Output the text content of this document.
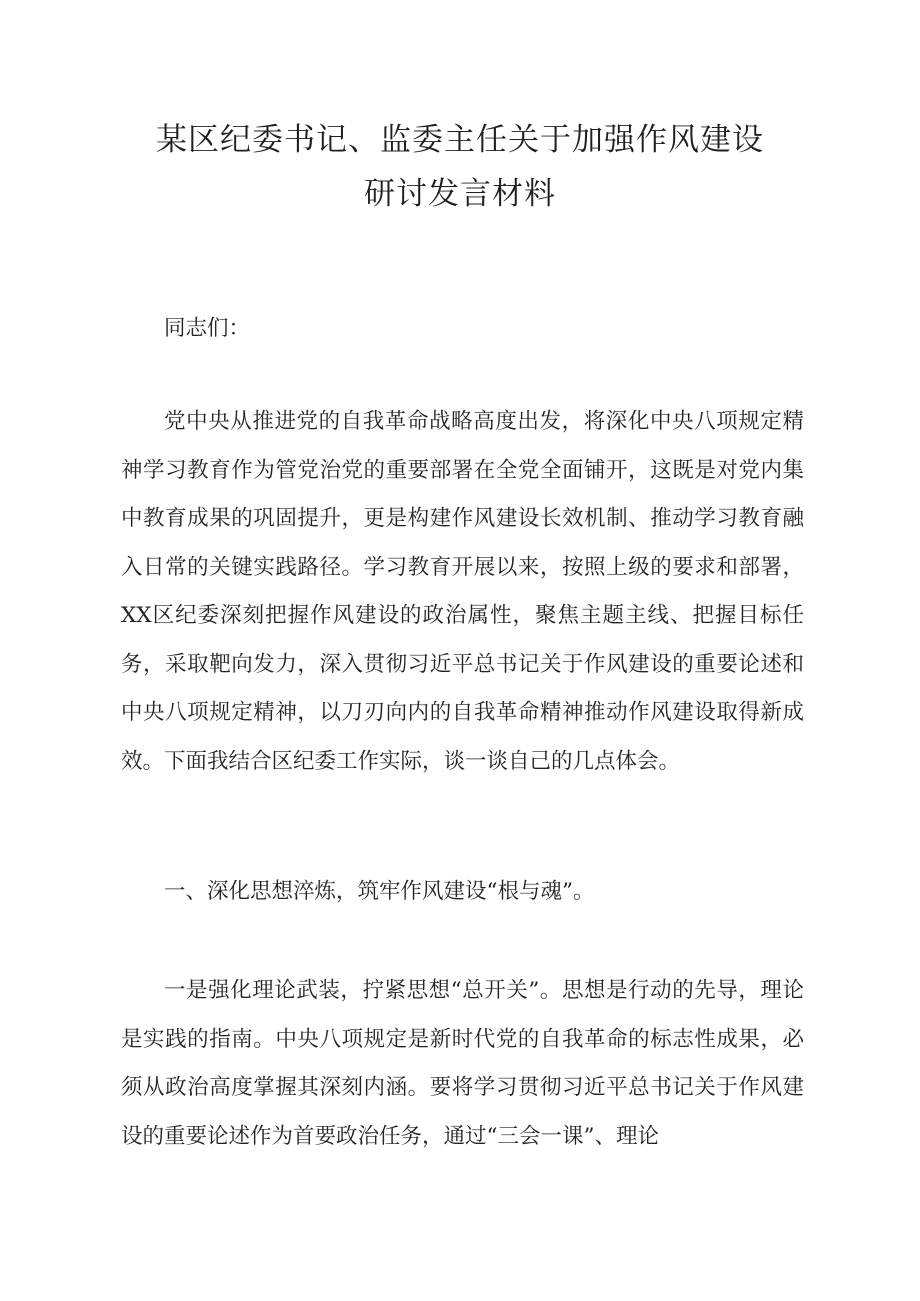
某区纪委书记、监委主任关于加强作风建设
研讨发言材料

同志们：

党中央从推进党的自我革命战略高度出发，将深化中央八项规定精神学习教育作为管党治党的重要部署在全党全面铺开，这既是对党内集中教育成果的巩固提升，更是构建作风建设长效机制、推动学习教育融入日常的关键实践路径。学习教育开展以来，按照上级的要求和部署，XX区纪委深刻把握作风建设的政治属性，聚焦主题主线、把握目标任务，采取靶向发力，深入贯彻习近平总书记关于作风建设的重要论述和中央八项规定精神，以刀刃向内的自我革命精神推动作风建设取得新成效。下面我结合区纪委工作实际，谈一谈自己的几点体会。

一、深化思想淬炼，筑牢作风建设“根与魂”。

一是强化理论武装，拧紧思想“总开关”。思想是行动的先导，理论是实践的指南。中央八项规定是新时代党的自我革命的标志性成果，必须从政治高度掌握其深刻内涵。要将学习贯彻习近平总书记关于作风建设的重要论述作为首要政治任务，通过“三会一课”、理论
